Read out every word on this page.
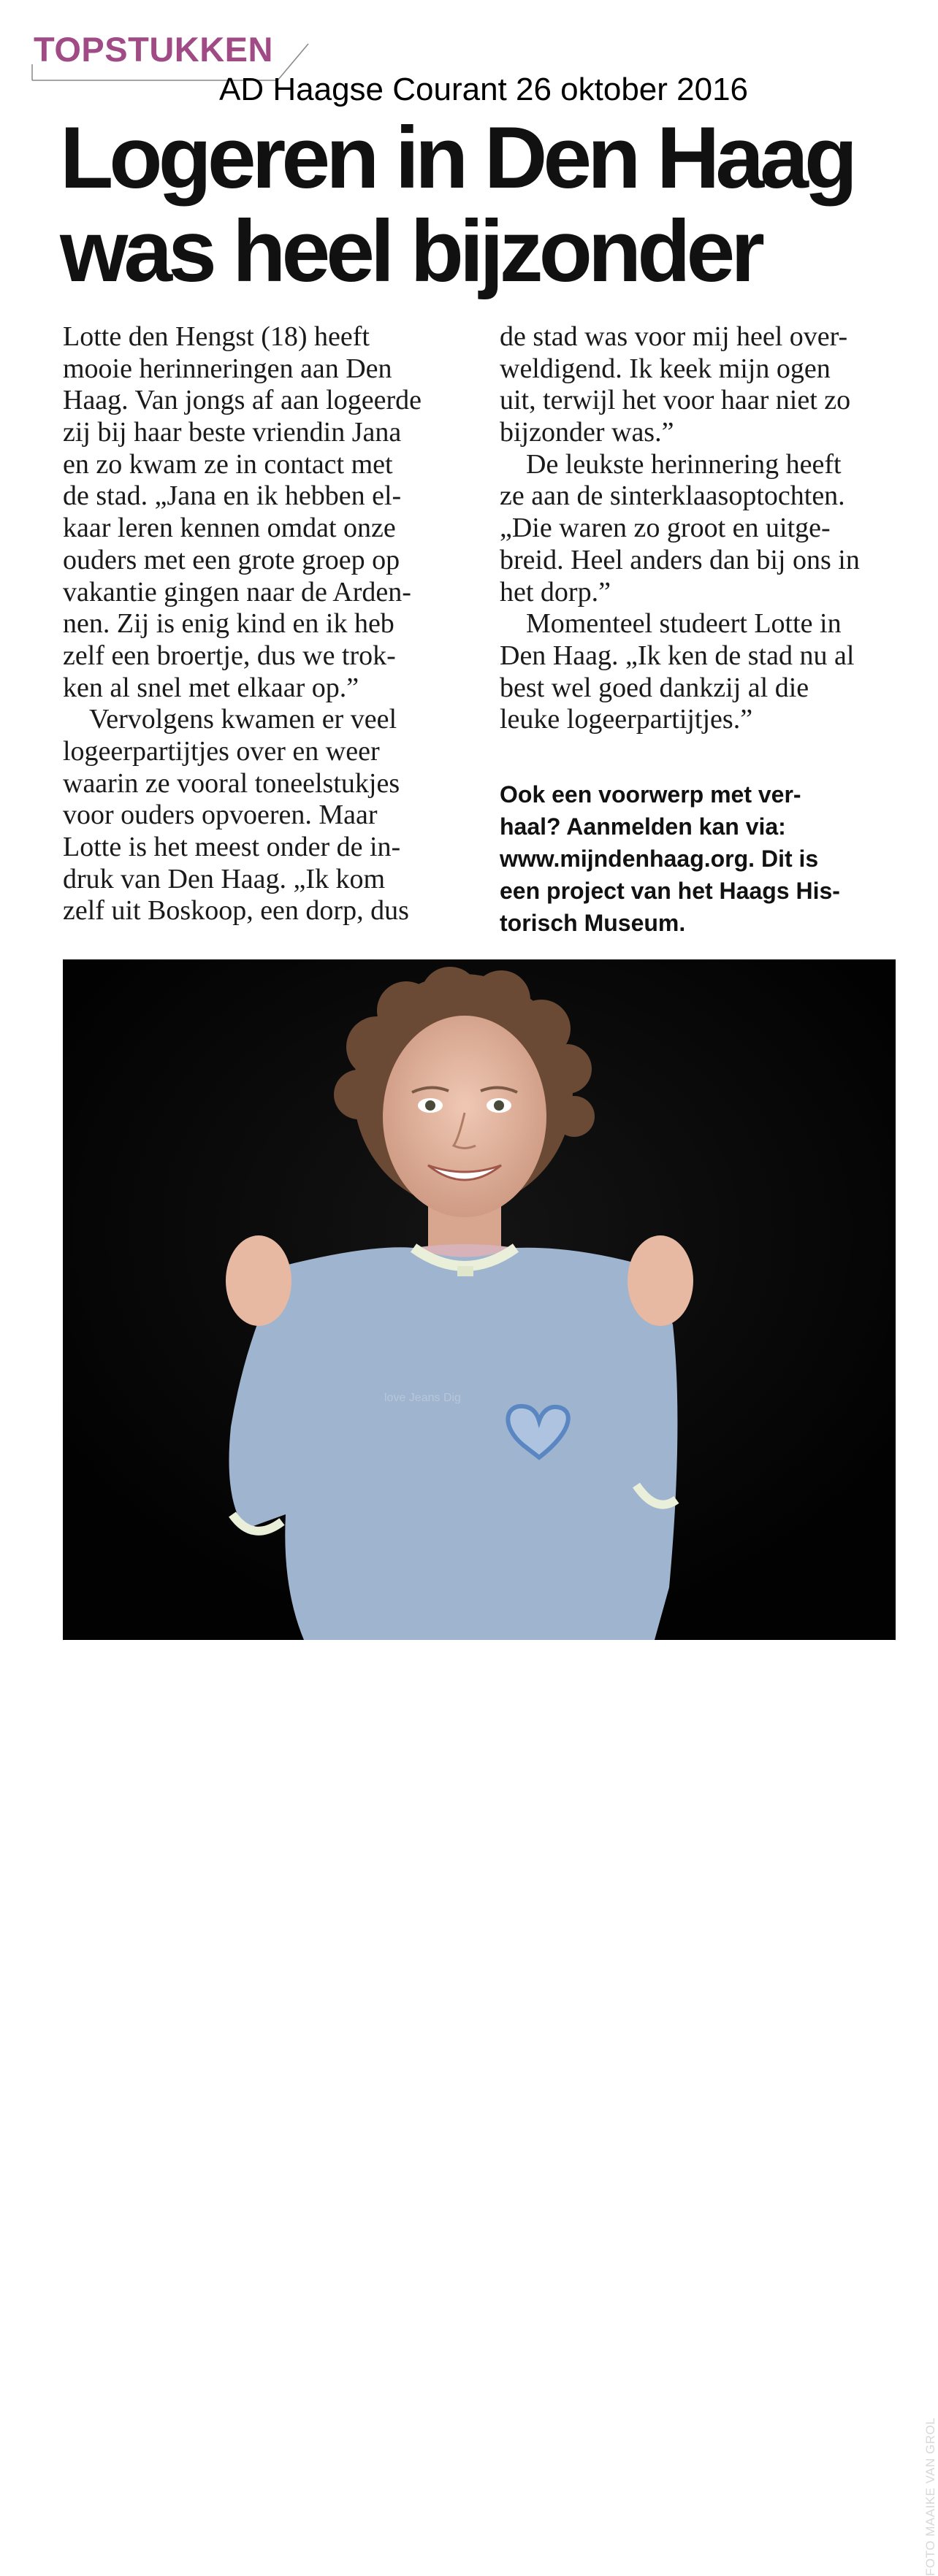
TOPSTUKKEN
AD Haagse Courant 26 oktober 2016
Logeren in Den Haag
was heel bijzonder
Lotte den Hengst (18) heeft
mooie herinneringen aan Den
Haag. Van jongs af aan logeerde
zij bij haar beste vriendin Jana
en zo kwam ze in contact met
de stad. „Jana en ik hebben el-
kaar leren kennen omdat onze
ouders met een grote groep op
vakantie gingen naar de Arden-
nen. Zij is enig kind en ik heb
zelf een broertje, dus we trok-
ken al snel met elkaar op.”
Vervolgens kwamen er veel
logeerpartijtjes over en weer
waarin ze vooral toneelstukjes
voor ouders opvoeren. Maar
Lotte is het meest onder de in-
druk van Den Haag. „Ik kom
zelf uit Boskoop, een dorp, dus
de stad was voor mij heel over-
weldigend. Ik keek mijn ogen
uit, terwijl het voor haar niet zo
bijzonder was.”
De leukste herinnering heeft
ze aan de sinterklaasoptochten.
„Die waren zo groot en uitge-
breid. Heel anders dan bij ons in
het dorp.”
Momenteel studeert Lotte in
Den Haag. „Ik ken de stad nu al
best wel goed dankzij al die
leuke logeerpartijtjes.”
Ook een voorwerp met ver-
haal? Aanmelden kan via:
www.mijndenhaag.org. Dit is
een project van het Haags His-
torisch Museum.
love Jeans Dig
FOTO MAAIKE VAN GROL
